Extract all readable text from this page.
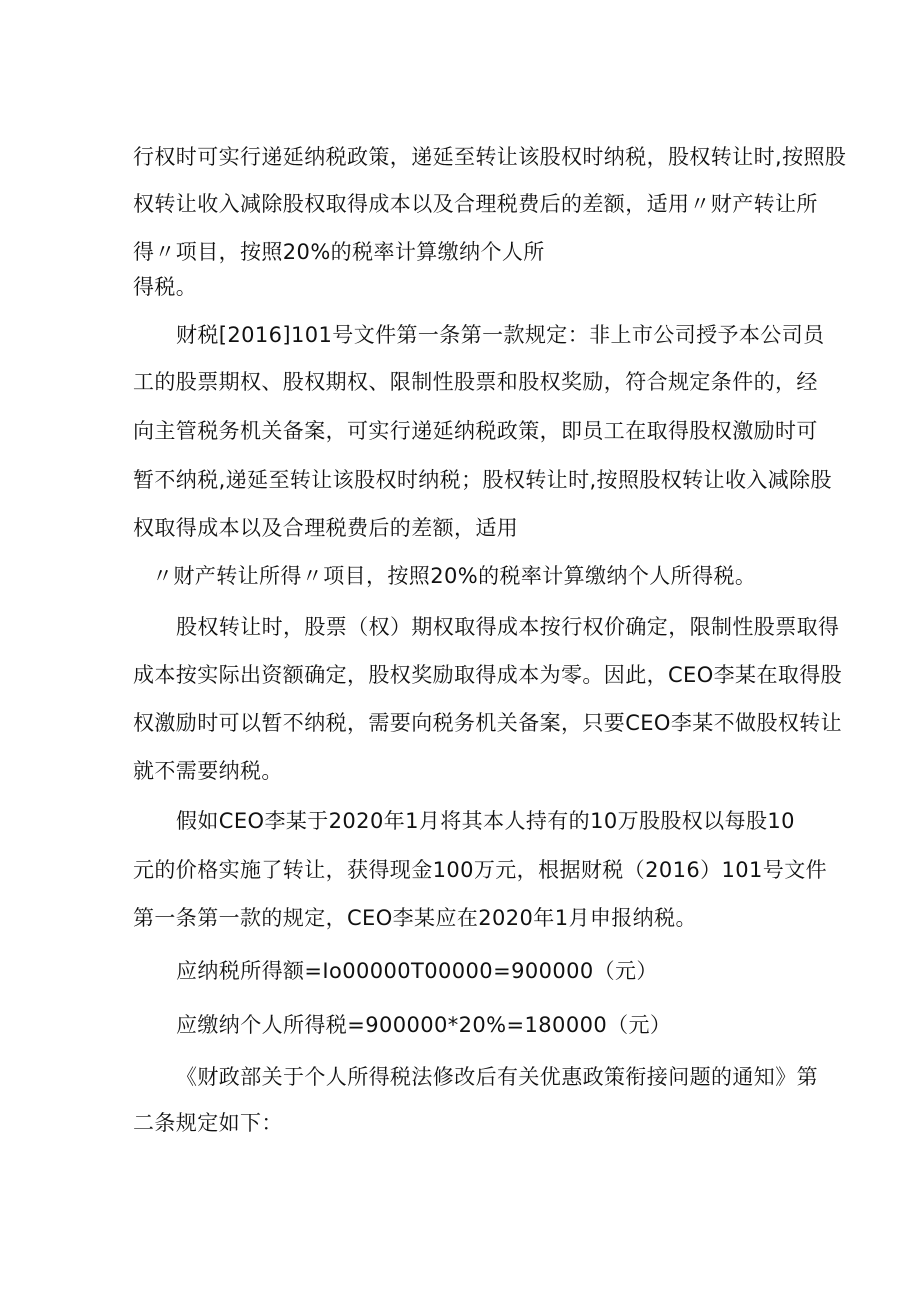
行权时可实行递延纳税政策，递延至转让该股权时纳税，股权转让时,按照股

权转让收入减除股权取得成本以及合理税费后的差额，适用〃财产转让所

得〃项目，按照20%的税率计算缴纳个人所

得税。

财税[2016]101号文件第一条第一款规定：非上市公司授予本公司员

工的股票期权、股权期权、限制性股票和股权奖励，符合规定条件的，经

向主管税务机关备案，可实行递延纳税政策，即员工在取得股权激励时可

暂不纳税,递延至转让该股权时纳税；股权转让时,按照股权转让收入减除股

权取得成本以及合理税费后的差额，适用

〃财产转让所得〃项目，按照20%的税率计算缴纳个人所得税。

股权转让时，股票（权）期权取得成本按行权价确定，限制性股票取得

成本按实际出资额确定，股权奖励取得成本为零。因此，CEO李某在取得股

权激励时可以暂不纳税，需要向税务机关备案，只要CEO李某不做股权转让

就不需要纳税。

假如CEO李某于2020年1月将其本人持有的10万股股权以每股10

元的价格实施了转让，获得现金100万元，根据财税（2016）101号文件

第一条第一款的规定，CEO李某应在2020年1月申报纳税。

应纳税所得额=Io00000T00000=900000（元）

应缴纳个人所得税=900000*20%=180000（元）

《财政部关于个人所得税法修改后有关优惠政策衔接问题的通知》第

二条规定如下：
